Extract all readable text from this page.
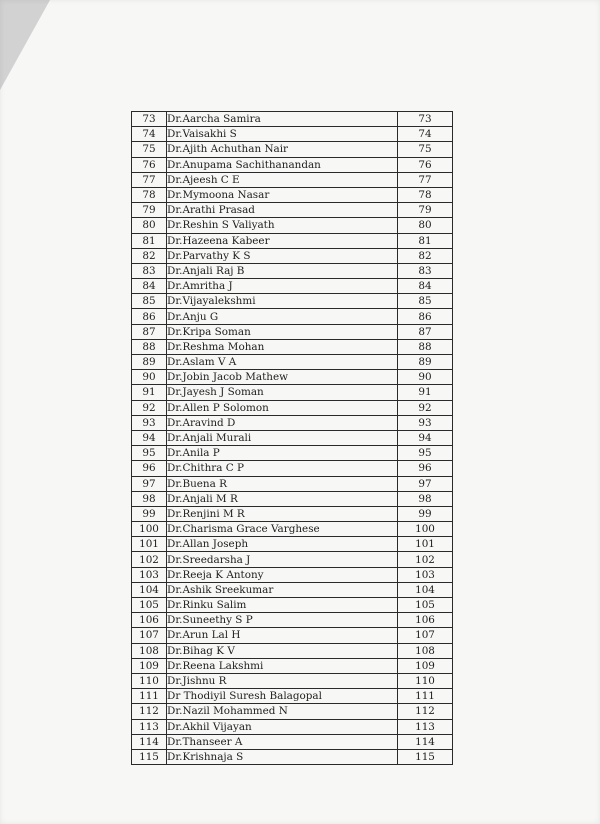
73	Dr.Aarcha Samira	73
74	Dr.Vaisakhi S	74
75	Dr.Ajith Achuthan Nair	75
76	Dr.Anupama Sachithanandan	76
77	Dr.Ajeesh C E	77
78	Dr.Mymoona Nasar	78
79	Dr.Arathi Prasad	79
80	Dr.Reshin S Valiyath	80
81	Dr.Hazeena Kabeer	81
82	Dr.Parvathy K S	82
83	Dr.Anjali Raj B	83
84	Dr.Amritha J	84
85	Dr.Vijayalekshmi	85
86	Dr.Anju G	86
87	Dr.Kripa Soman	87
88	Dr.Reshma Mohan	88
89	Dr.Aslam V A	89
90	Dr.Jobin Jacob Mathew	90
91	Dr.Jayesh J Soman	91
92	Dr.Allen P Solomon	92
93	Dr.Aravind D	93
94	Dr.Anjali Murali	94
95	Dr.Anila P	95
96	Dr.Chithra C P	96
97	Dr.Buena R	97
98	Dr.Anjali M R	98
99	Dr.Renjini M R	99
100	Dr.Charisma Grace Varghese	100
101	Dr.Allan Joseph	101
102	Dr.Sreedarsha J	102
103	Dr.Reeja K Antony	103
104	Dr.Ashik Sreekumar	104
105	Dr.Rinku Salim	105
106	Dr.Suneethy S P	106
107	Dr.Arun Lal H	107
108	Dr.Bihag K V	108
109	Dr.Reena Lakshmi	109
110	Dr.Jishnu R	110
111	Dr Thodiyil Suresh Balagopal	111
112	Dr.Nazil Mohammed N	112
113	Dr.Akhil Vijayan	113
114	Dr.Thanseer A	114
115	Dr.Krishnaja S	115
